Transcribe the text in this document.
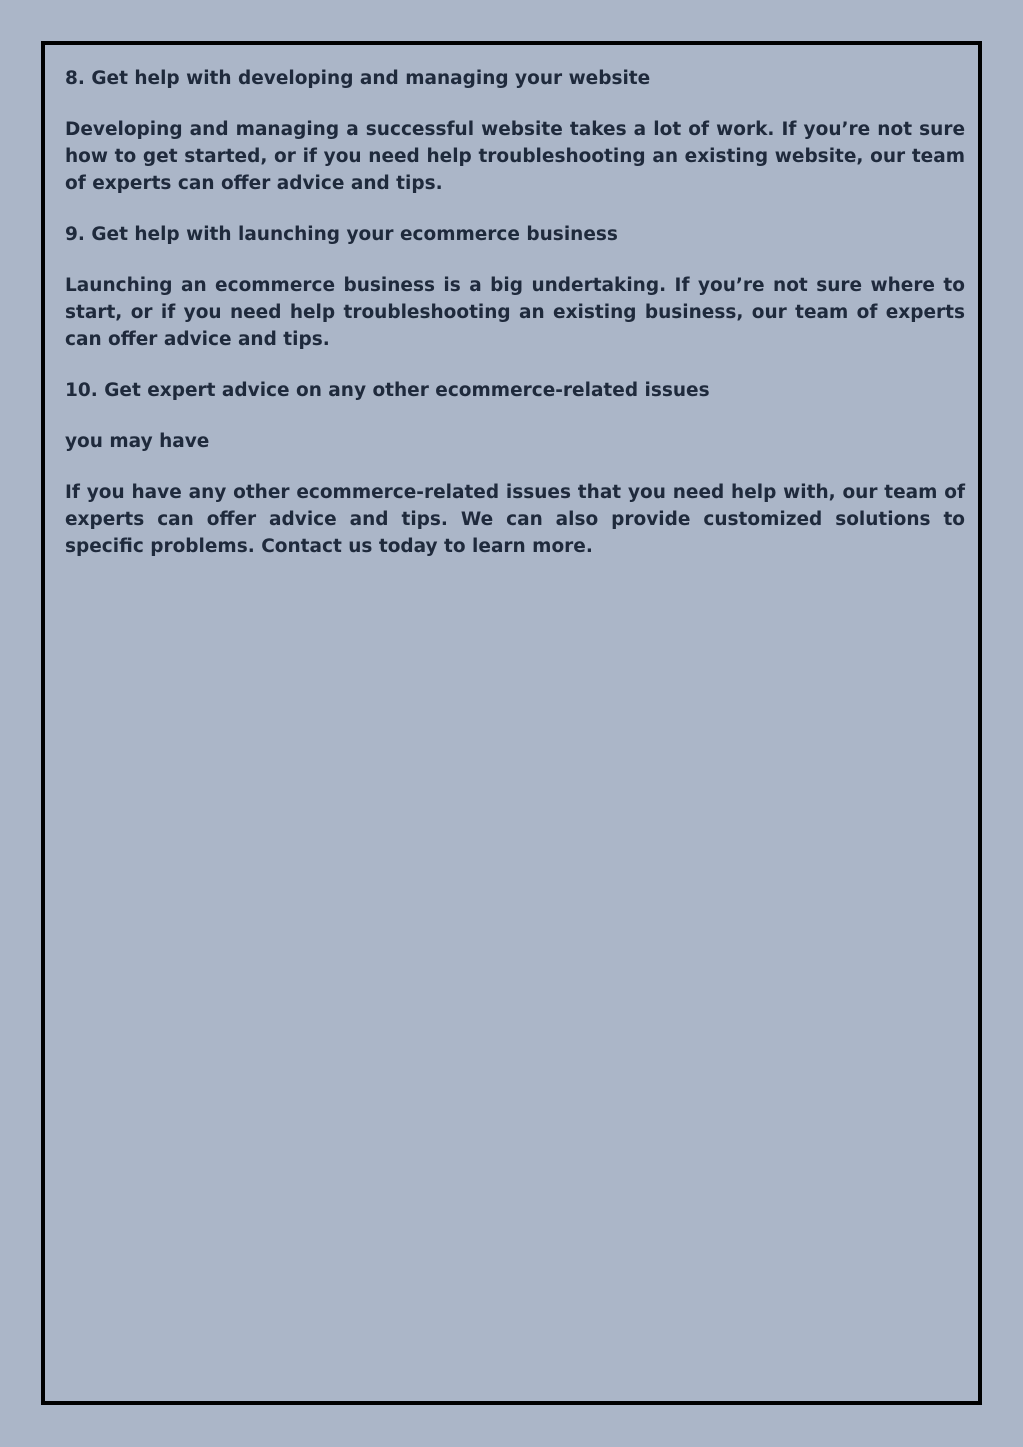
8. Get help with developing and managing your website

Developing and managing a successful website takes a lot of work. If you’re not sure how to get started, or if you need help troubleshooting an existing website, our team of experts can offer advice and tips.

9. Get help with launching your ecommerce business

Launching an ecommerce business is a big undertaking. If you’re not sure where to start, or if you need help troubleshooting an existing business, our team of experts can offer advice and tips.

10. Get expert advice on any other ecommerce-related issues

you may have

If you have any other ecommerce-related issues that you need help with, our team of experts can offer advice and tips. We can also provide customized solutions to specific problems. Contact us today to learn more.
